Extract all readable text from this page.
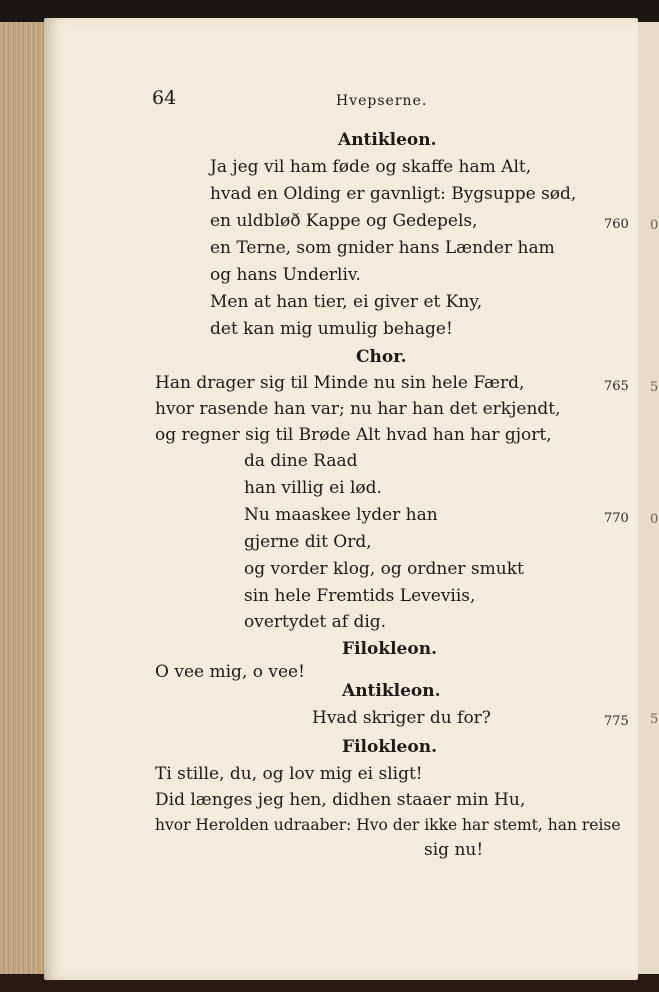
0
5
0
5
64	Hvepserne.
Antikleon.
Ja jeg vil ham føde og skaffe ham Alt,
hvad en Olding er gavnligt: Bygsuppe sød,
en uldbløð Kappe og Gedepels,	760
en Terne, som gnider hans Lænder ham
og hans Underliv.
Men at han tier, ei giver et Kny,
det kan mig umulig behage!
Chor.
Han drager sig til Minde nu sin hele Færd,	765
hvor rasende han var; nu har han det erkjendt,
og regner sig til Brøde Alt hvad han har gjort,
da dine Raad
han villig ei lød.
Nu maaskee lyder han	770
gjerne dit Ord,
og vorder klog, og ordner smukt
sin hele Fremtids Leveviis,
overtydet af dig.
Filokleon.
O vee mig, o vee!
Antikleon.
Hvad skriger du for?	775
Filokleon.
Ti stille, du, og lov mig ei sligt!
Did længes jeg hen, didhen staaer min Hu,
hvor Herolden udraaber: Hvo der ikke har stemt, han reise
sig nu!
